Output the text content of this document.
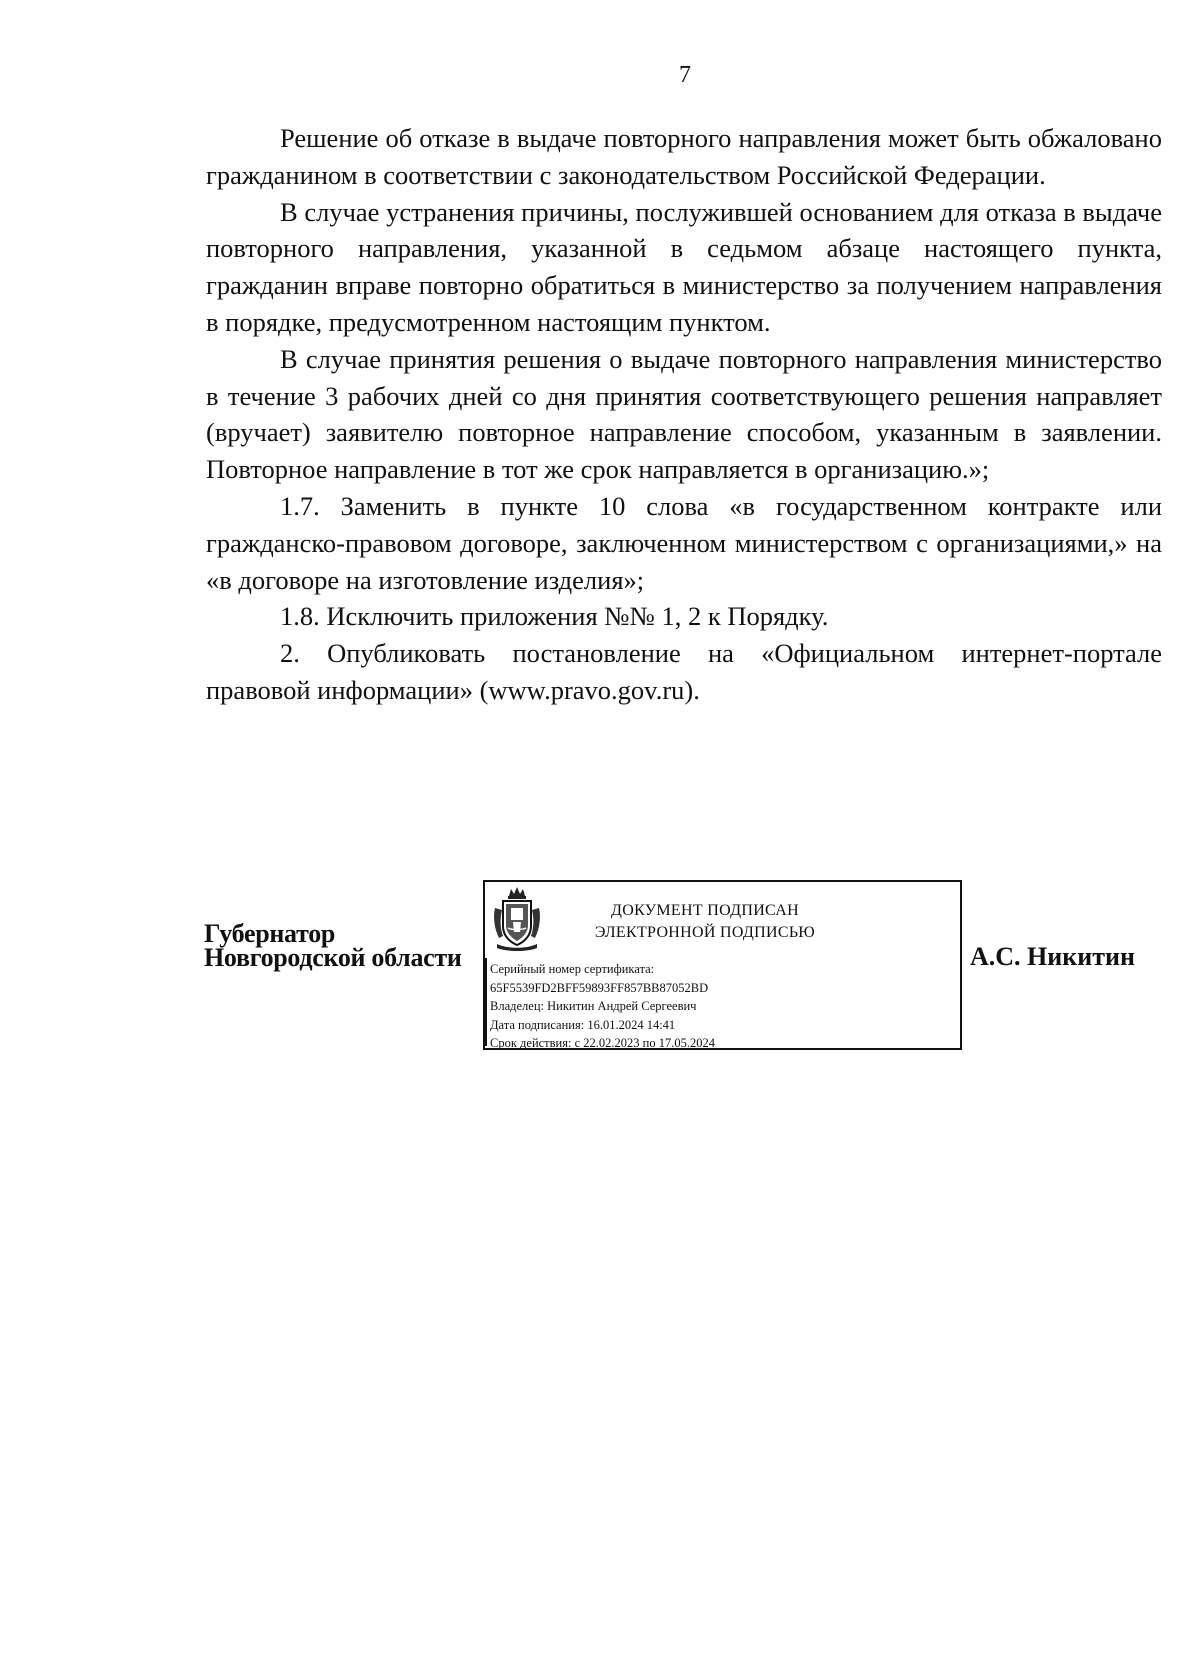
7

Решение об отказе в выдаче повторного направления может быть обжаловано гражданином в соответствии с законодательством Российской Федерации.

В случае устранения причины, послужившей основанием для отказа в выдаче повторного направления, указанной в седьмом абзаце настоящего пункта, гражданин вправе повторно обратиться в министерство за получением направления в порядке, предусмотренном настоящим пунктом.

В случае принятия решения о выдаче повторного направления министерство в течение 3 рабочих дней со дня принятия соответствующего решения направляет (вручает) заявителю повторное направление способом, указанным в заявлении. Повторное направление в тот же срок направляется в организацию.»;

1.7. Заменить в пункте 10 слова «в государственном контракте или гражданско-правовом договоре, заключенном министерством с организациями,» на «в договоре на изготовление изделия»;

1.8. Исключить приложения №№ 1, 2 к Порядку.

2. Опубликовать постановление на «Официальном интернет-портале правовой информации» (www.pravo.gov.ru).

Губернатор
Новгородской области
ДОКУМЕНТ ПОДПИСАН
ЭЛЕКТРОННОЙ ПОДПИСЬЮ
Серийный номер сертификата:
65F5539FD2BFF59893FF857BB87052BD
Владелец: Никитин Андрей Сергеевич
Дата подписания: 16.01.2024 14:41
Срок действия: с 22.02.2023 по 17.05.2024
А.С. Никитин
